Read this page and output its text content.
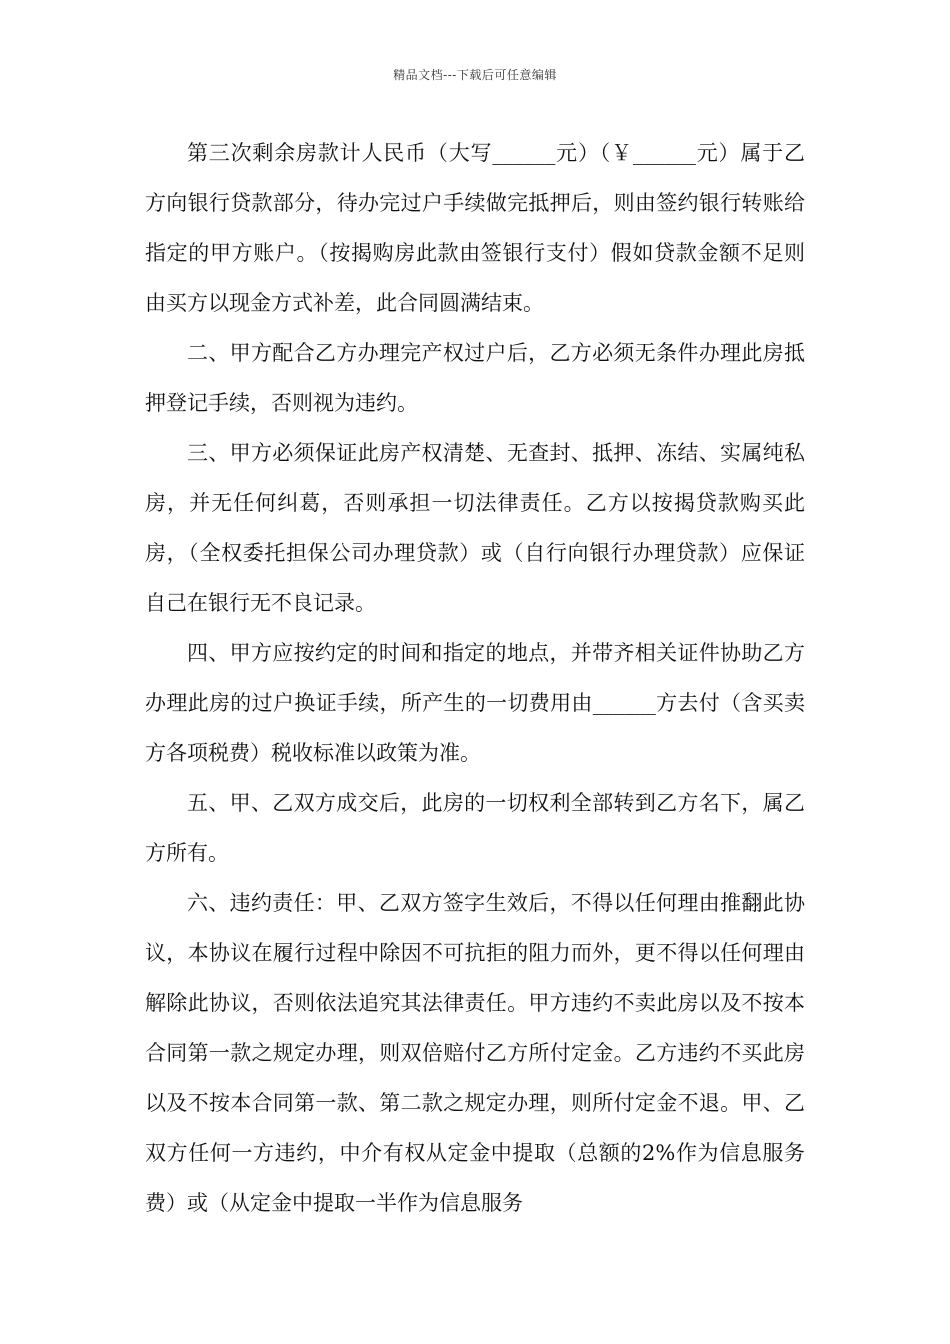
精品文档---下载后可任意编辑

第三次剩余房款计人民币（大写______元）（￥______元）属于乙方向银行贷款部分，待办完过户手续做完抵押后，则由签约银行转账给指定的甲方账户。（按揭购房此款由签银行支付）假如贷款金额不足则由买方以现金方式补差，此合同圆满结束。

二、甲方配合乙方办理完产权过户后，乙方必须无条件办理此房抵押登记手续，否则视为违约。

三、甲方必须保证此房产权清楚、无查封、抵押、冻结、实属纯私房，并无任何纠葛，否则承担一切法律责任。乙方以按揭贷款购买此房，（全权委托担保公司办理贷款）或（自行向银行办理贷款）应保证自己在银行无不良记录。

四、甲方应按约定的时间和指定的地点，并带齐相关证件协助乙方办理此房的过户换证手续，所产生的一切费用由______方去付（含买卖方各项税费）税收标准以政策为准。

五、甲、乙双方成交后，此房的一切权利全部转到乙方名下，属乙方所有。

六、违约责任：甲、乙双方签字生效后，不得以任何理由推翻此协议，本协议在履行过程中除因不可抗拒的阻力而外，更不得以任何理由解除此协议，否则依法追究其法律责任。甲方违约不卖此房以及不按本合同第一款之规定办理，则双倍赔付乙方所付定金。乙方违约不买此房以及不按本合同第一款、第二款之规定办理，则所付定金不退。甲、乙双方任何一方违约，中介有权从定金中提取（总额的2%作为信息服务费）或（从定金中提取一半作为信息服务
